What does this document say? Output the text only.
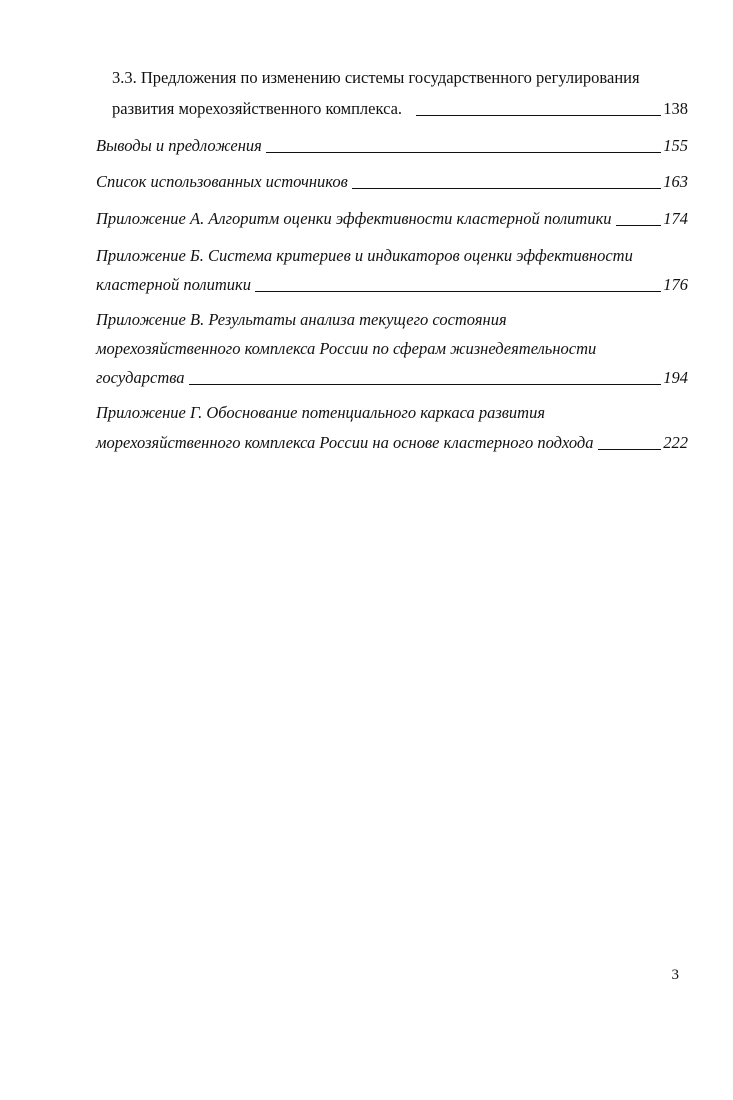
3.3. Предложения по изменению системы государственного регулирования
развития морехозяйственного комплекса.	138
Выводы и предложения	155
Список использованных источников	163
Приложение А. Алгоритм оценки эффективности кластерной политики	174
Приложение Б. Система критериев и индикаторов оценки эффективности
кластерной политики	176
Приложение В. Результаты анализа текущего состояния
морехозяйственного комплекса России по сферам жизнедеятельности
государства	194
Приложение Г. Обоснование потенциального каркаса развития
морехозяйственного комплекса России на основе кластерного подхода	222
3
